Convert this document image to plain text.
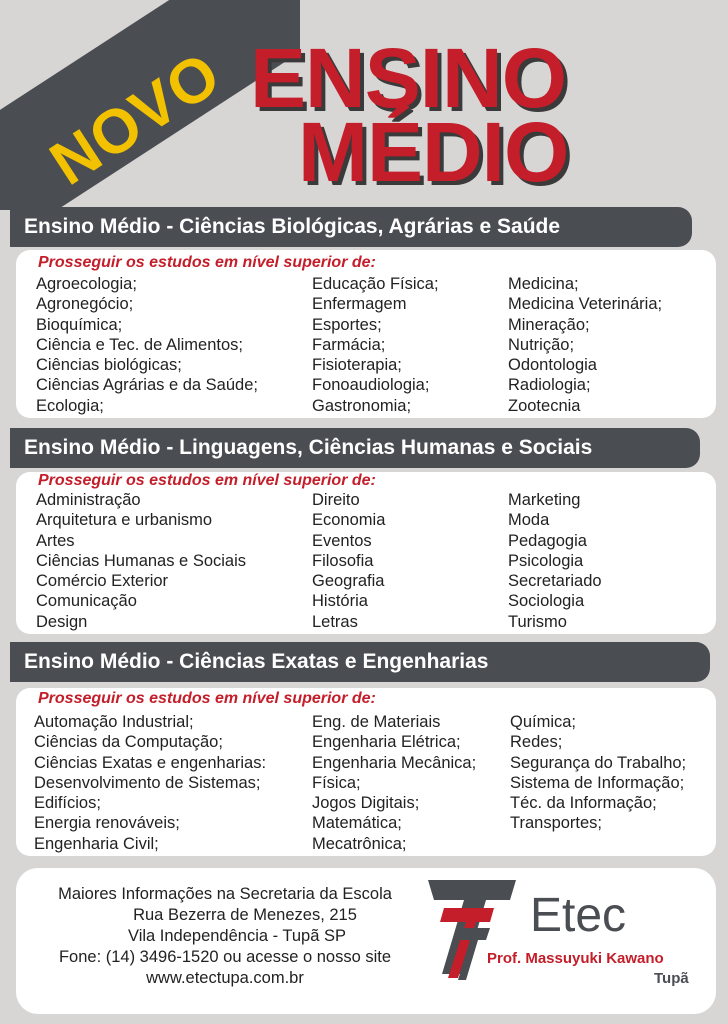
NOVO ENSINO
MÉDIO
Ensino Médio - Ciências Biológicas, Agrárias e Saúde
Prosseguir os estudos em nível superior de:
Agroecologia;
Agronegócio;
Bioquímica;
Ciência e Tec. de Alimentos;
Ciências biológicas;
Ciências Agrárias e da Saúde;
Ecologia;
Educação Física;
Enfermagem
Esportes;
Farmácia;
Fisioterapia;
Fonoaudiologia;
Gastronomia;
Medicina;
Medicina Veterinária;
Mineração;
Nutrição;
Odontologia
Radiologia;
Zootecnia
Ensino Médio - Linguagens, Ciências Humanas e Sociais
Prosseguir os estudos em nível superior de:
Administração
Arquitetura e urbanismo
Artes
Ciências Humanas e Sociais
Comércio Exterior
Comunicação
Design
Direito
Economia
Eventos
Filosofia
Geografia
História
Letras
Marketing
Moda
Pedagogia
Psicologia
Secretariado
Sociologia
Turismo
Ensino Médio - Ciências Exatas e Engenharias
Prosseguir os estudos em nível superior de:
Automação Industrial;
Ciências da Computação;
Ciências Exatas e engenharias:
Desenvolvimento de Sistemas;
Edifícios;
Energia renováveis;
Engenharia Civil;
Eng. de Materiais
Engenharia Elétrica;
Engenharia Mecânica;
Física;
Jogos Digitais;
Matemática;
Mecatrônica;
Química;
Redes;
Segurança do Trabalho;
Sistema de Informação;
Téc. da Informação;
Transportes;
Maiores Informações na Secretaria da Escola
Rua Bezerra de Menezes, 215
Vila Independência - Tupã SP
Fone: (14) 3496-1520 ou acesse o nosso site
www.etectupa.com.br
Etec
Prof. Massuyuki Kawano
Tupã
